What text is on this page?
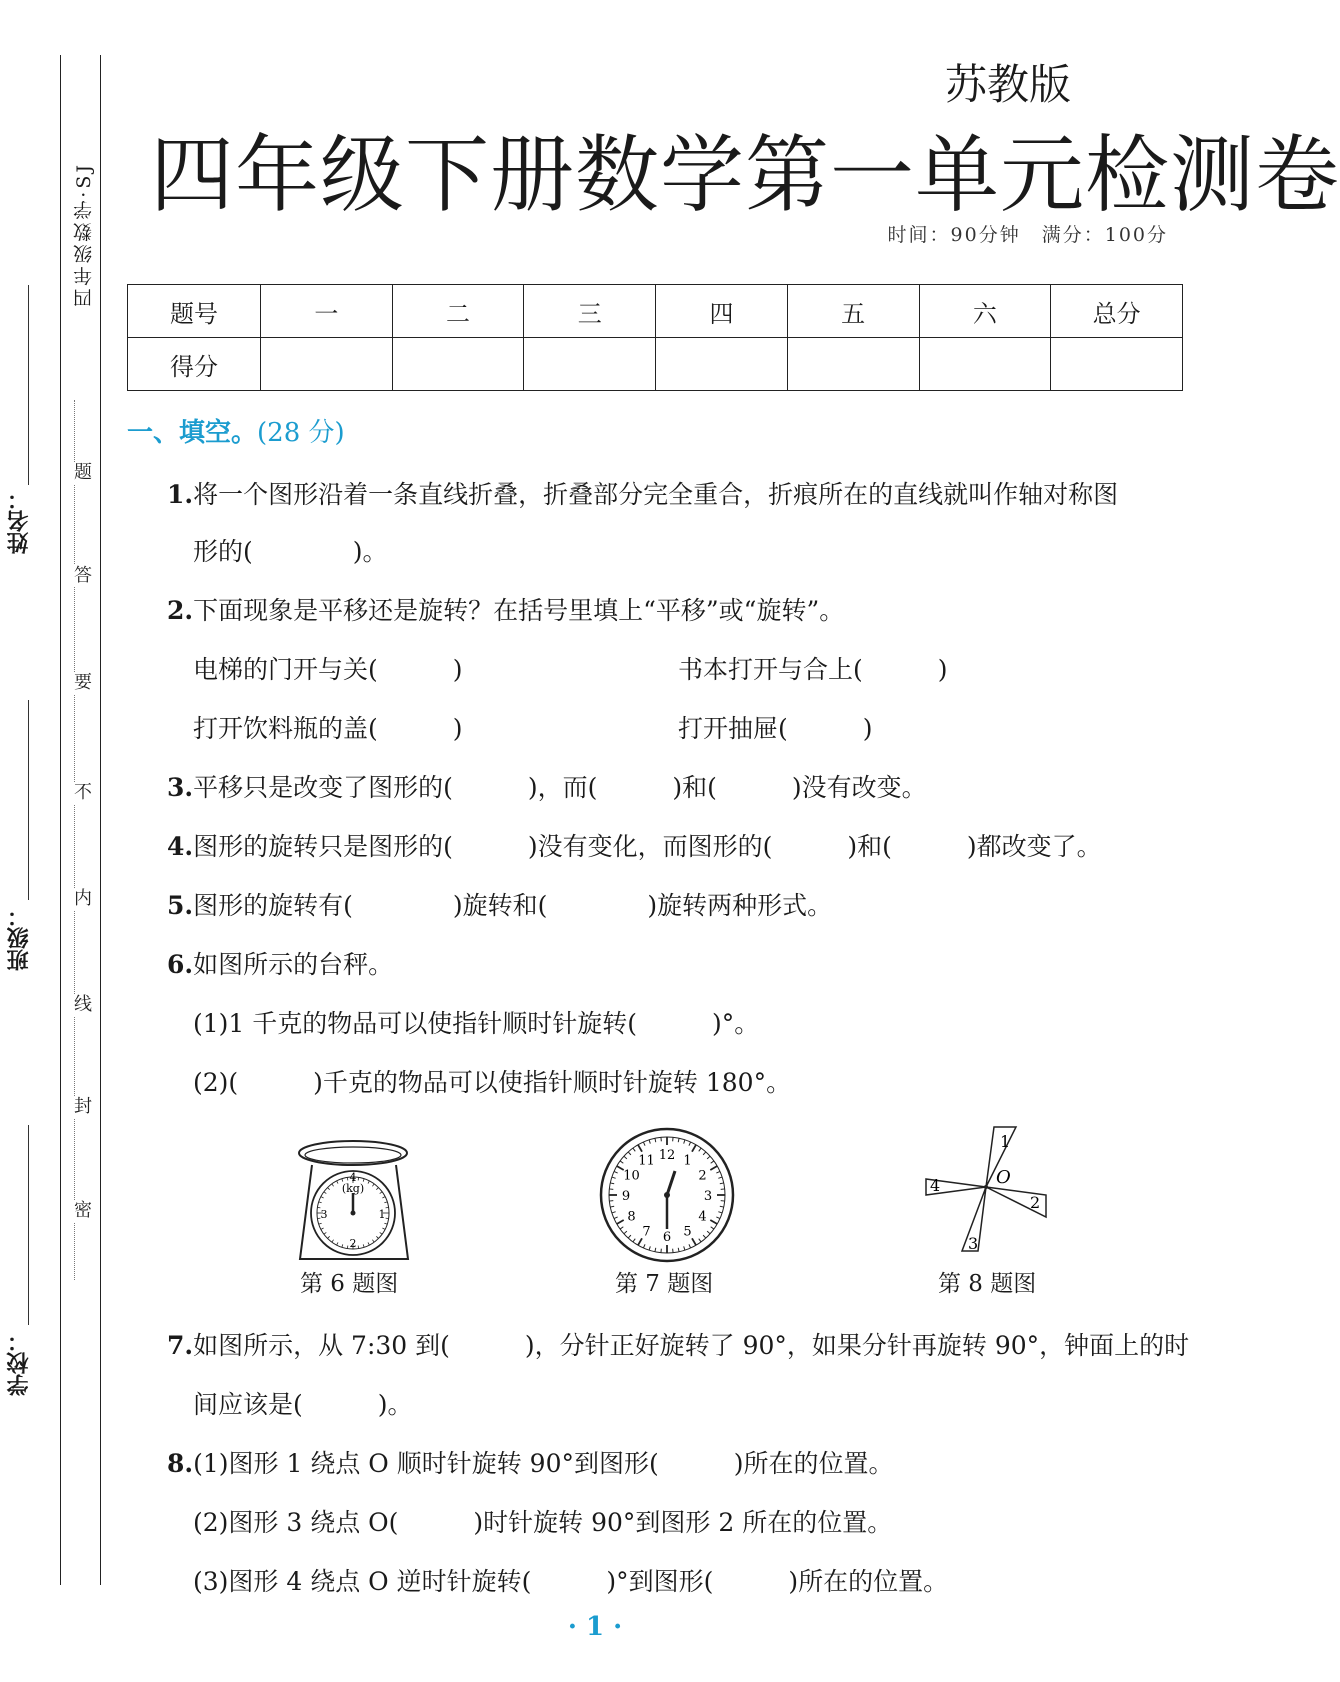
姓名：
班级：
学校：
四年级数学·SJ
题
答
要
不
内
线
封
密
苏教版
四年级下册数学第一单元检测卷
时间：90分钟　满分：100分
题号	一	二	三	四	五	六	总分
得分							
一、填空。(28 分)
1.将一个图形沿着一条直线折叠，折叠部分完全重合，折痕所在的直线就叫作轴对称图
形的(　　　　)。
2.下面现象是平移还是旋转？在括号里填上“平移”或“旋转”。
电梯的门开与关(　　　)	书本打开与合上(　　　)
打开饮料瓶的盖(　　　)	打开抽屉(　　　)
3.平移只是改变了图形的(　　　)，而(　　　)和(　　　)没有改变。
4.图形的旋转只是图形的(　　　)没有变化，而图形的(　　　)和(　　　)都改变了。
5.图形的旋转有(　　　　)旋转和(　　　　)旋转两种形式。
6.如图所示的台秤。
(1)1 千克的物品可以使指针顺时针旋转(　　　)°。
(2)(　　　)千克的物品可以使指针顺时针旋转 180°。
4
(kg)
1
2
3
第 6 题图
12 1
2
3
4
5
6
7
8
9
10
11
第 7 题图
1
2
3
4	O
第 8 题图
7.如图所示，从 7:30 到(　　　)，分针正好旋转了 90°，如果分针再旋转 90°，钟面上的时
间应该是(　　　)。
8.(1)图形 1 绕点 O 顺时针旋转 90°到图形(　　　)所在的位置。
(2)图形 3 绕点 O(　　　)时针旋转 90°到图形 2 所在的位置。
(3)图形 4 绕点 O 逆时针旋转(　　　)°到图形(　　　)所在的位置。
· 1 ·
